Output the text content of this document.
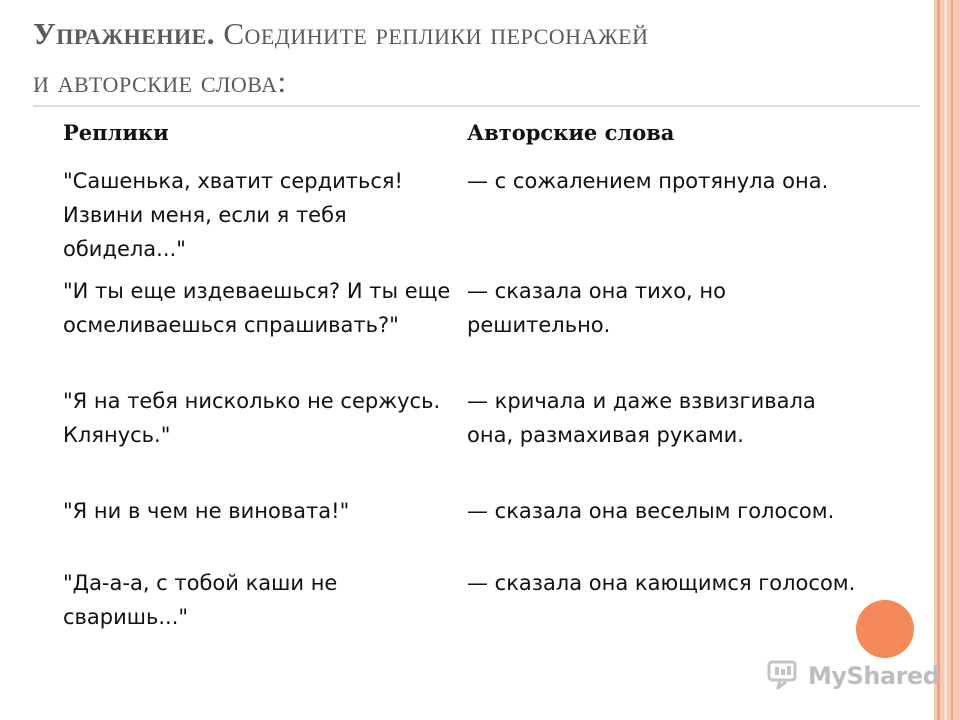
Упражнение. Соедините реплики персонажей
и авторские слова:
Реплики	Авторские слова
"Сашенька, хватит сердиться! Извини меня, если я тебя обидела..."
— с сожалением протянула она.
"И ты еще издеваешься? И ты еще осмеливаешься спрашивать?"
— сказала она тихо, но решительно.
"Я на тебя нисколько не сержусь. Клянусь."
— кричала и даже взвизгивала она, размахивая руками.
"Я ни в чем не виновата!"	— сказала она веселым голосом.
"Да-а-а, с тобой каши не сваришь..."
— сказала она кающимся голосом.
MyShared
